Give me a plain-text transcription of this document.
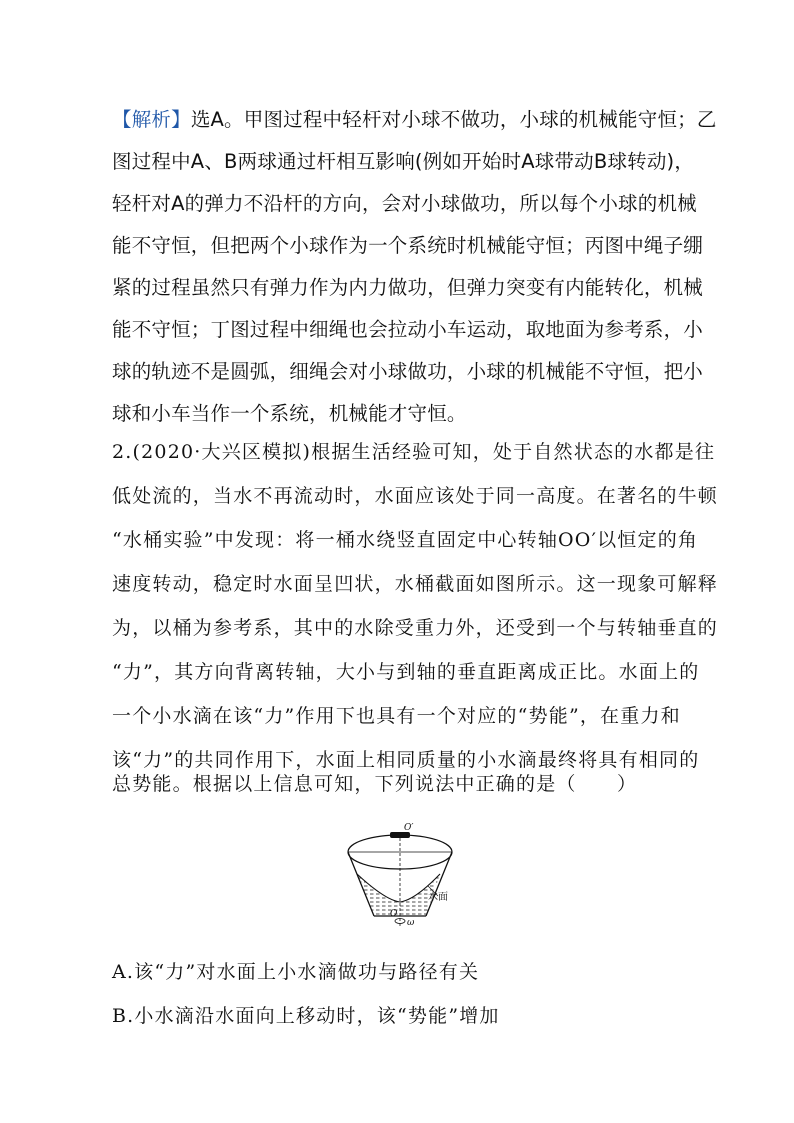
【解析】选A。甲图过程中轻杆对小球不做功，小球的机械能守恒；乙
图过程中A、B两球通过杆相互影响(例如开始时A球带动B球转动)，
轻杆对A的弹力不沿杆的方向，会对小球做功，所以每个小球的机械
能不守恒，但把两个小球作为一个系统时机械能守恒；丙图中绳子绷
紧的过程虽然只有弹力作为内力做功，但弹力突变有内能转化，机械
能不守恒；丁图过程中细绳也会拉动小车运动，取地面为参考系，小
球的轨迹不是圆弧，细绳会对小球做功，小球的机械能不守恒，把小
球和小车当作一个系统，机械能才守恒。
2.(2020·大兴区模拟)根据生活经验可知，处于自然状态的水都是往
低处流的，当水不再流动时，水面应该处于同一高度。在著名的牛顿
“水桶实验”中发现：将一桶水绕竖直固定中心转轴OO′以恒定的角
速度转动，稳定时水面呈凹状，水桶截面如图所示。这一现象可解释
为，以桶为参考系，其中的水除受重力外，还受到一个与转轴垂直的
“力”，其方向背离转轴，大小与到轴的垂直距离成正比。水面上的
一个小水滴在该“力”作用下也具有一个对应的“势能”，在重力和
该“力”的共同作用下，水面上相同质量的小水滴最终将具有相同的
总势能。根据以上信息可知，下列说法中正确的是（　　）
O′
O
水面
ω
A.该“力”对水面上小水滴做功与路径有关
B.小水滴沿水面向上移动时，该“势能”增加
